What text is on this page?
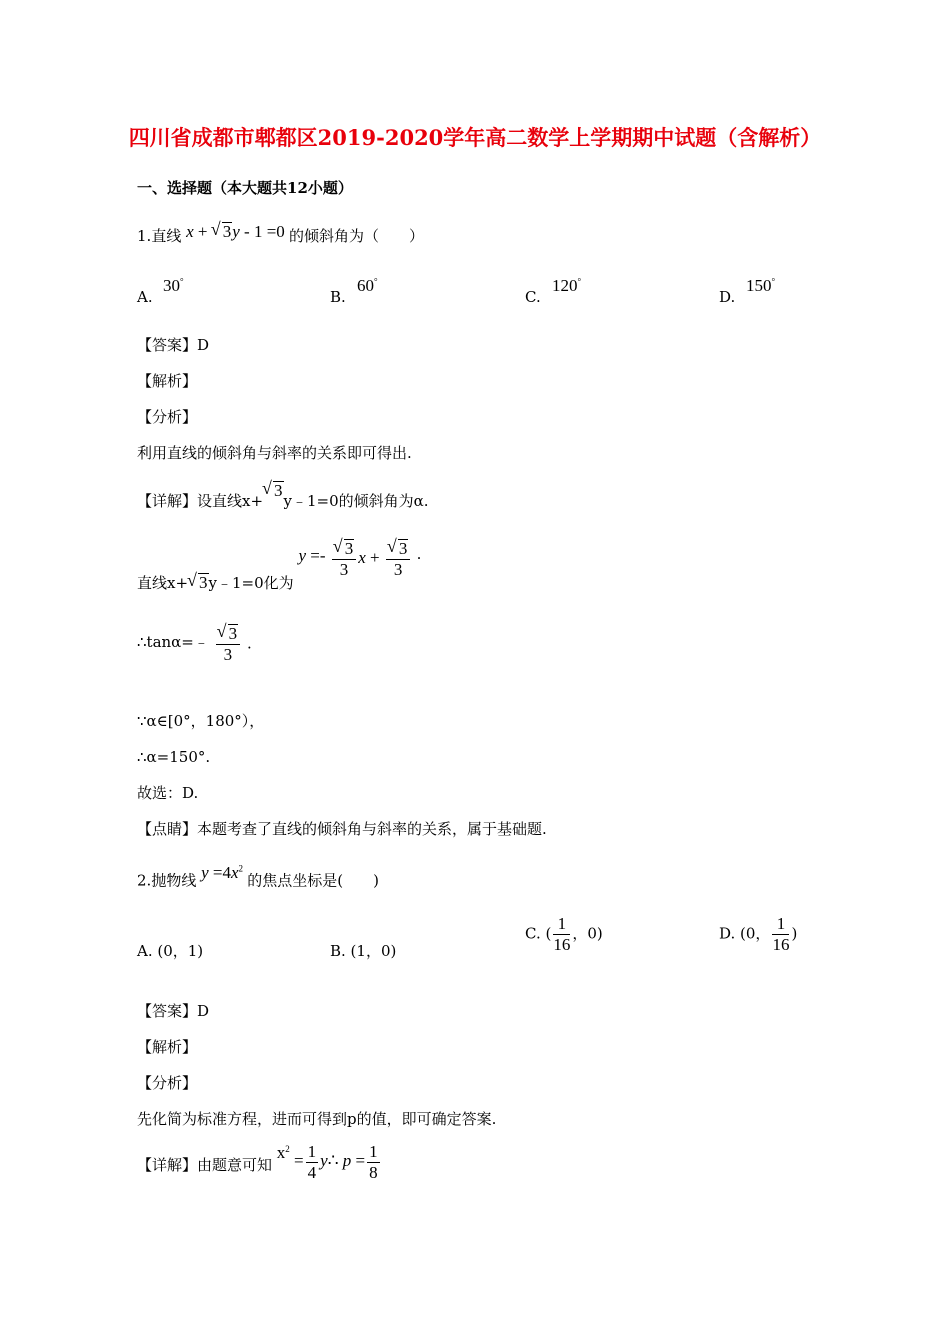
四川省成都市郫都区2019-2020学年高二数学上学期期中试题（含解析）
一、选择题（本大题共12小题）
1.直线 x + √ 3y - 1 =0 的倾斜角为（　　）
A.
30°
B.
60°
C.
120°
D.
150°
【答案】D
【解析】
【分析】
利用直线的倾斜角与斜率的关系即可得出.
【详解】设直线x+√ 3y﹣1=0的倾斜角为α.
直线x+ √ 3y﹣1=0化为 y =- √ $\frac{3}{3}$ x + √ $\frac{3}{3}$ .
∴tanα=﹣ √ $\frac{3}{3}$ .
∵α∈[0°，180°），
∴α=150°.
故选：D.
【点睛】本题考查了直线的倾斜角与斜率的关系，属于基础题.
2.抛物线 $y =4x^2$ 的焦点坐标是(　　)
A. (0，1)	B. (1，0)
C. ( $\frac{1}{16}$ ，0)	D. (0， $\frac{1}{16}$ )
【答案】D
【解析】
【分析】
先化简为标准方程，进而可得到p的值，即可确定答案.
【详解】由题意可知 $x^2 = \frac{1}{4}$ y∴ $p = \frac{1}{8}$
